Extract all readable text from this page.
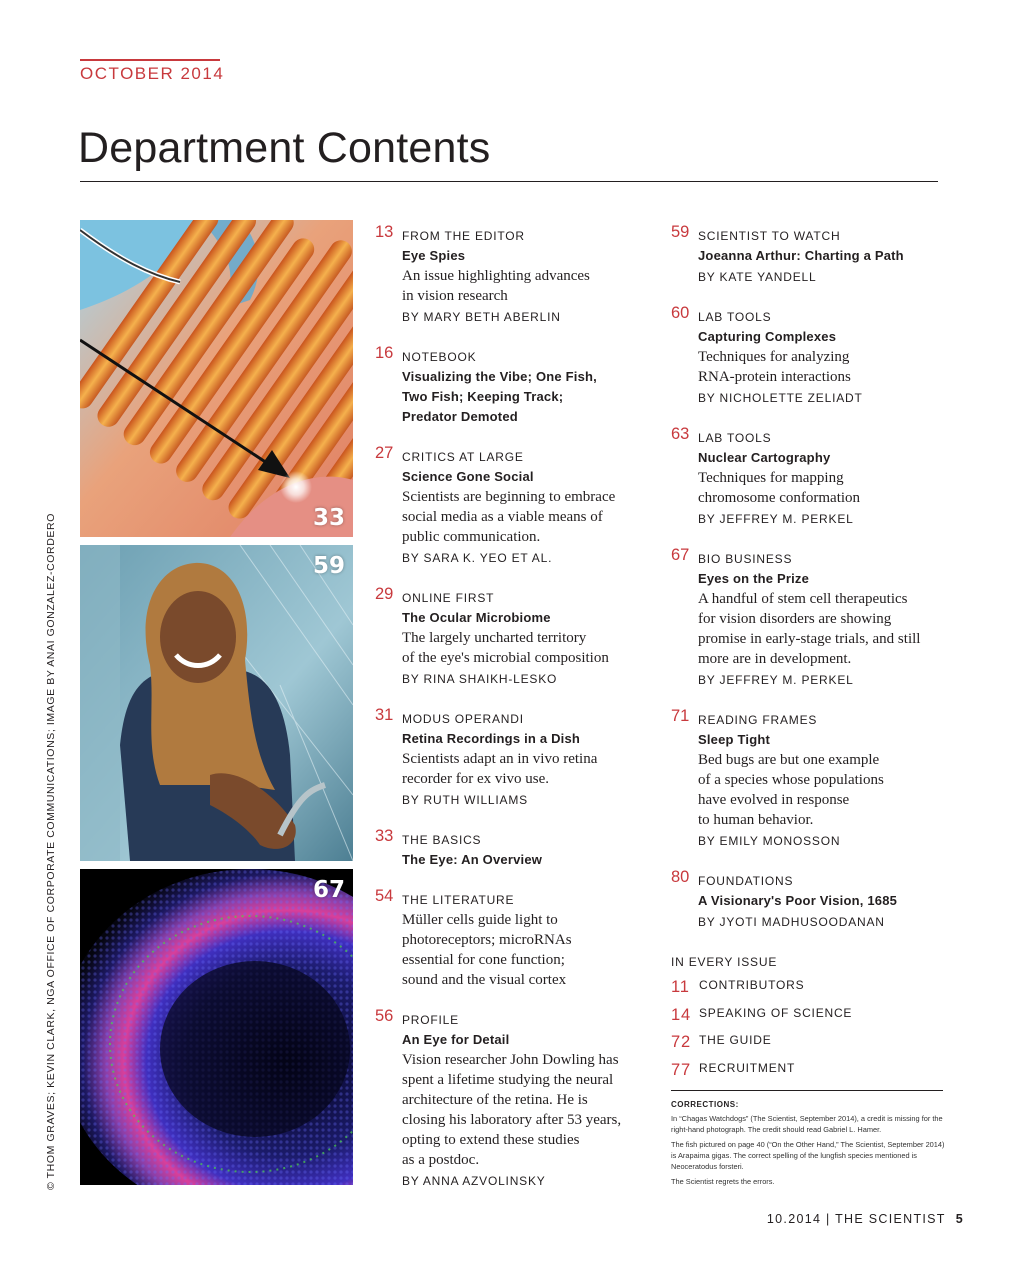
OCTOBER 2014
Department Contents
© THOM GRAVES; KEVIN CLARK, NGA OFFICE OF CORPORATE COMMUNICATIONS; IMAGE BY ANAI GONZALEZ-CORDERO	33
59
67
13 FROM THE EDITOR
Eye Spies
An issue highlighting advances
in vision research
BY MARY BETH ABERLIN
16 NOTEBOOK
Visualizing the Vibe; One Fish,
Two Fish; Keeping Track;
Predator Demoted
27 CRITICS AT LARGE
Science Gone Social
Scientists are beginning to embrace
social media as a viable means of
public communication.
BY SARA K. YEO ET AL.
29 ONLINE FIRST
The Ocular Microbiome
The largely uncharted territory
of the eye's microbial composition
BY RINA SHAIKH-LESKO
31 MODUS OPERANDI
Retina Recordings in a Dish
Scientists adapt an in vivo retina
recorder for ex vivo use.
BY RUTH WILLIAMS
33 THE BASICS
The Eye: An Overview
54 THE LITERATURE
Müller cells guide light to
photoreceptors; microRNAs
essential for cone function;
sound and the visual cortex
56 PROFILE
An Eye for Detail
Vision researcher John Dowling has
spent a lifetime studying the neural
architecture of the retina. He is
closing his laboratory after 53 years,
opting to extend these studies
as a postdoc.
BY ANNA AZVOLINSKY
59 SCIENTIST TO WATCH
Joeanna Arthur: Charting a Path
BY KATE YANDELL
60 LAB TOOLS
Capturing Complexes
Techniques for analyzing
RNA-protein interactions
BY NICHOLETTE ZELIADT
63 LAB TOOLS
Nuclear Cartography
Techniques for mapping
chromosome conformation
BY JEFFREY M. PERKEL
67 BIO BUSINESS
Eyes on the Prize
A handful of stem cell therapeutics
for vision disorders are showing
promise in early-stage trials, and still
more are in development.
BY JEFFREY M. PERKEL
71 READING FRAMES
Sleep Tight
Bed bugs are but one example
of a species whose populations
have evolved in response
to human behavior.
BY EMILY MONOSSON
80 FOUNDATIONS
A Visionary's Poor Vision, 1685
BY JYOTI MADHUSOODANAN
IN EVERY ISSUE
11 CONTRIBUTORS
14 SPEAKING OF SCIENCE
72 THE GUIDE
77 RECRUITMENT
CORRECTIONS:
In “Chagas Watchdogs” (The Scientist, September 2014), a credit is missing for the right-hand photograph. The credit should read Gabriel L. Hamer.
The fish pictured on page 40 (“On the Other Hand,” The Scientist, September 2014) is Arapaima gigas. The correct spelling of the lungfish species mentioned is Neoceratodus forsteri.
The Scientist regrets the errors.
10.2014 | THE SCIENTIST 5
